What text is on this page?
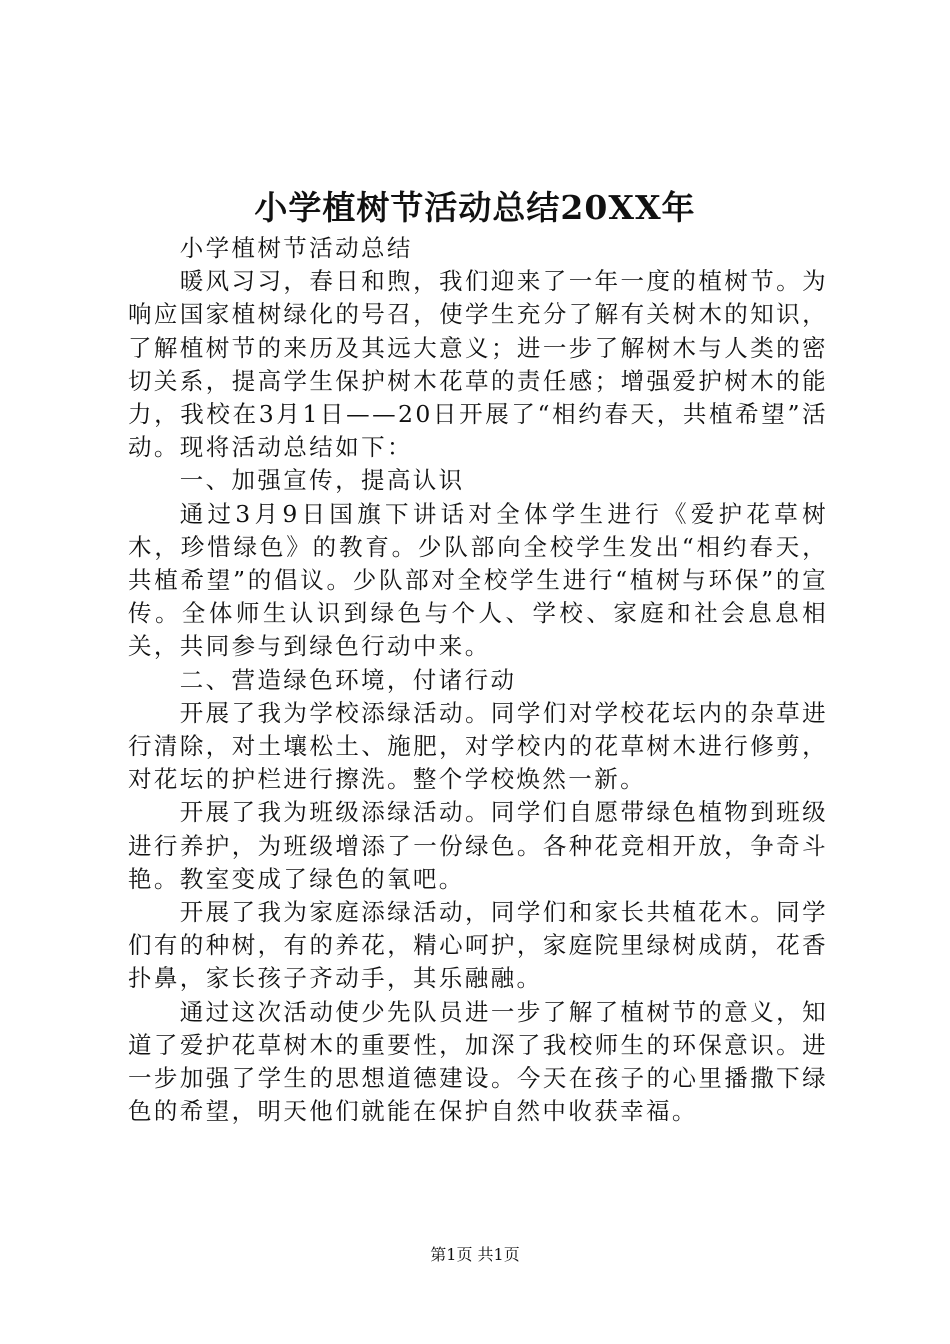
小学植树节活动总结20XX年

小学植树节活动总结

暖风习习，春日和煦，我们迎来了一年一度的植树节。为响应国家植树绿化的号召，使学生充分了解有关树木的知识，了解植树节的来历及其远大意义；进一步了解树木与人类的密切关系，提高学生保护树木花草的责任感；增强爱护树木的能力，我校在3月1日——20日开展了“相约春天，共植希望”活动。现将活动总结如下：

一、加强宣传，提高认识

通过3月9日国旗下讲话对全体学生进行《爱护花草树木，珍惜绿色》的教育。少队部向全校学生发出“相约春天，共植希望”的倡议。少队部对全校学生进行“植树与环保”的宣传。全体师生认识到绿色与个人、学校、家庭和社会息息相关，共同参与到绿色行动中来。

二、营造绿色环境，付诸行动

开展了我为学校添绿活动。同学们对学校花坛内的杂草进行清除，对土壤松土、施肥，对学校内的花草树木进行修剪，对花坛的护栏进行擦洗。整个学校焕然一新。

开展了我为班级添绿活动。同学们自愿带绿色植物到班级进行养护，为班级增添了一份绿色。各种花竞相开放，争奇斗艳。教室变成了绿色的氧吧。

开展了我为家庭添绿活动，同学们和家长共植花木。同学们有的种树，有的养花，精心呵护，家庭院里绿树成荫，花香扑鼻，家长孩子齐动手，其乐融融。

通过这次活动使少先队员进一步了解了植树节的意义，知道了爱护花草树木的重要性，加深了我校师生的环保意识。进一步加强了学生的思想道德建设。今天在孩子的心里播撒下绿色的希望，明天他们就能在保护自然中收获幸福。

第1页 共1页
